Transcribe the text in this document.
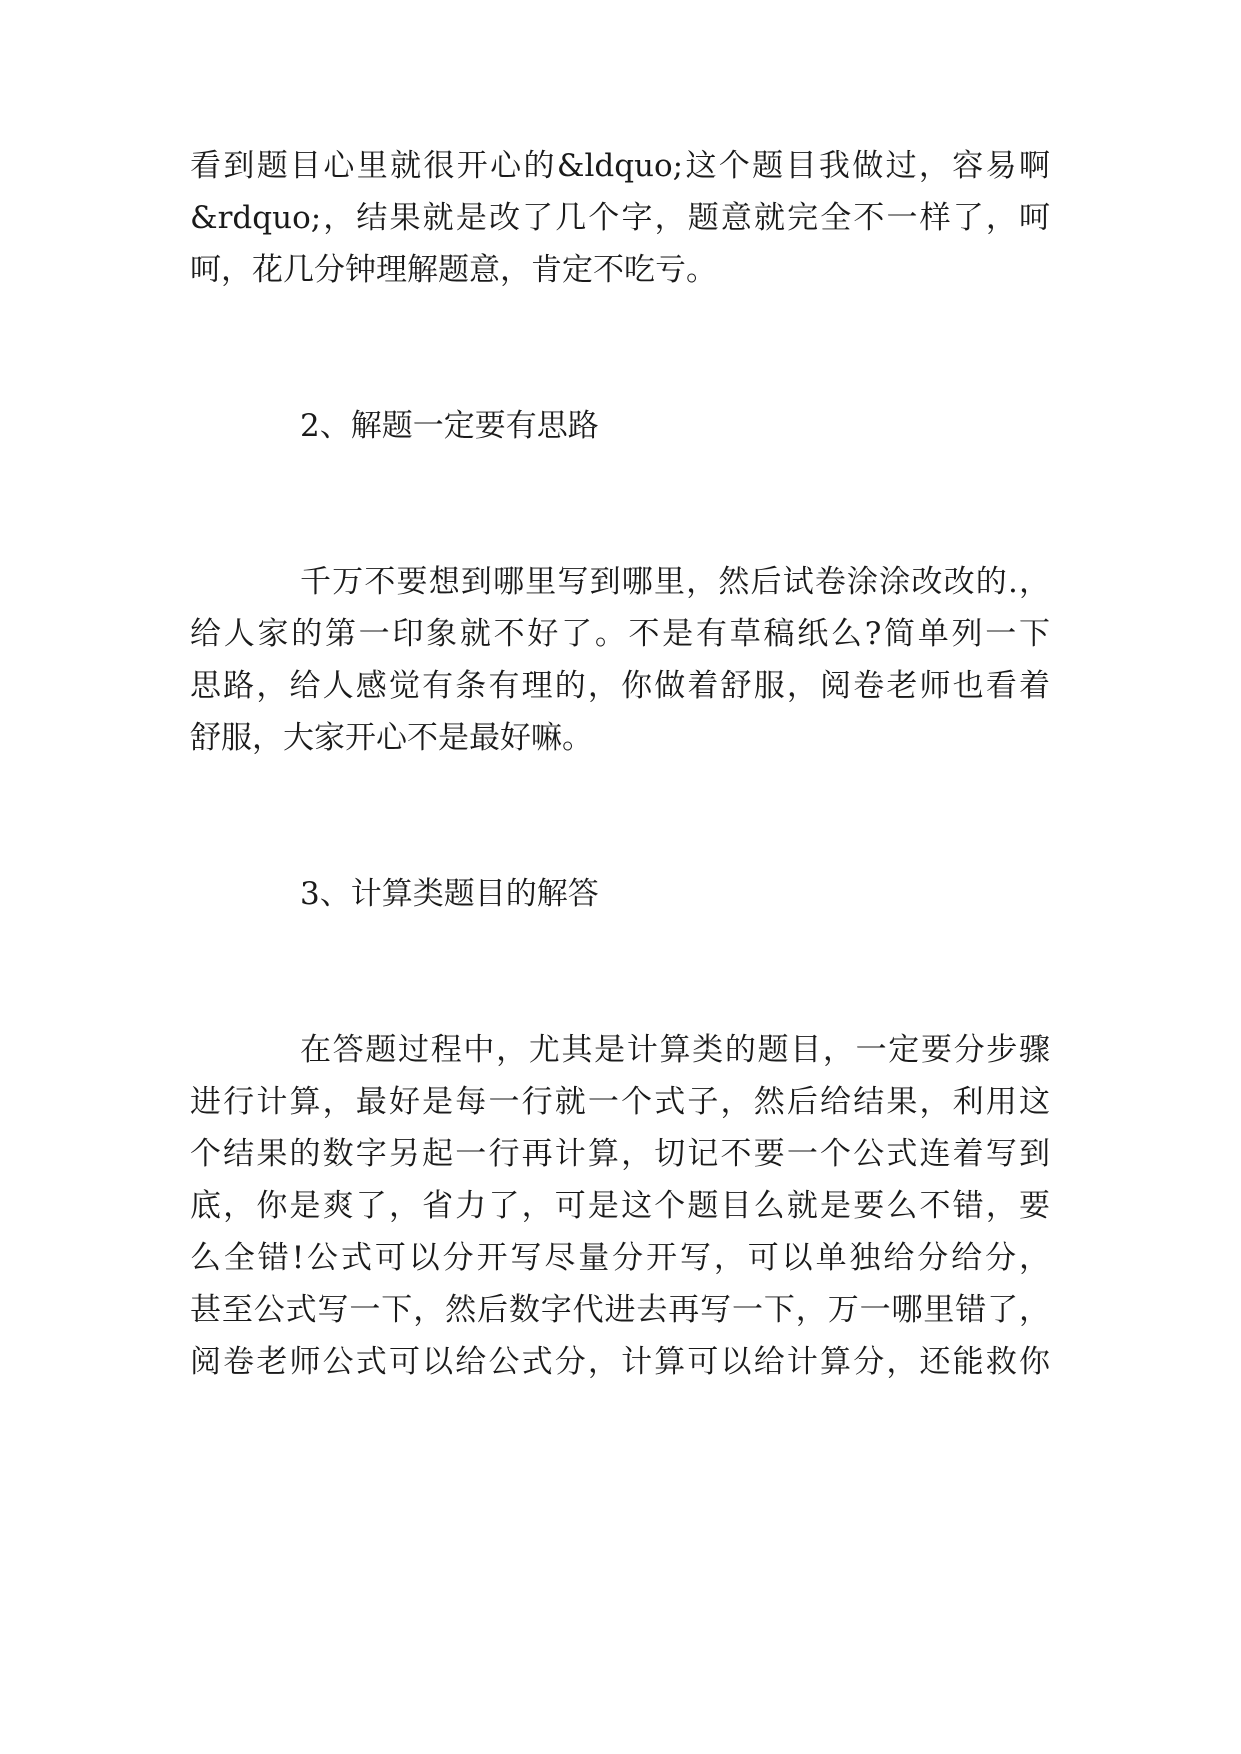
看到题目心里就很开心的&ldquo;这个题目我做过，容易啊

&rdquo;，结果就是改了几个字，题意就完全不一样了，呵

呵，花几分钟理解题意，肯定不吃亏。

2、解题一定要有思路

千万不要想到哪里写到哪里，然后试卷涂涂改改的.，

给人家的第一印象就不好了。不是有草稿纸么?简单列一下

思路，给人感觉有条有理的，你做着舒服，阅卷老师也看着

舒服，大家开心不是最好嘛。

3、计算类题目的解答

在答题过程中，尤其是计算类的题目，一定要分步骤

进行计算，最好是每一行就一个式子，然后给结果，利用这

个结果的数字另起一行再计算，切记不要一个公式连着写到

底，你是爽了，省力了，可是这个题目么就是要么不错，要

么全错!公式可以分开写尽量分开写，可以单独给分给分，

甚至公式写一下，然后数字代进去再写一下，万一哪里错了，

阅卷老师公式可以给公式分，计算可以给计算分，还能救你
